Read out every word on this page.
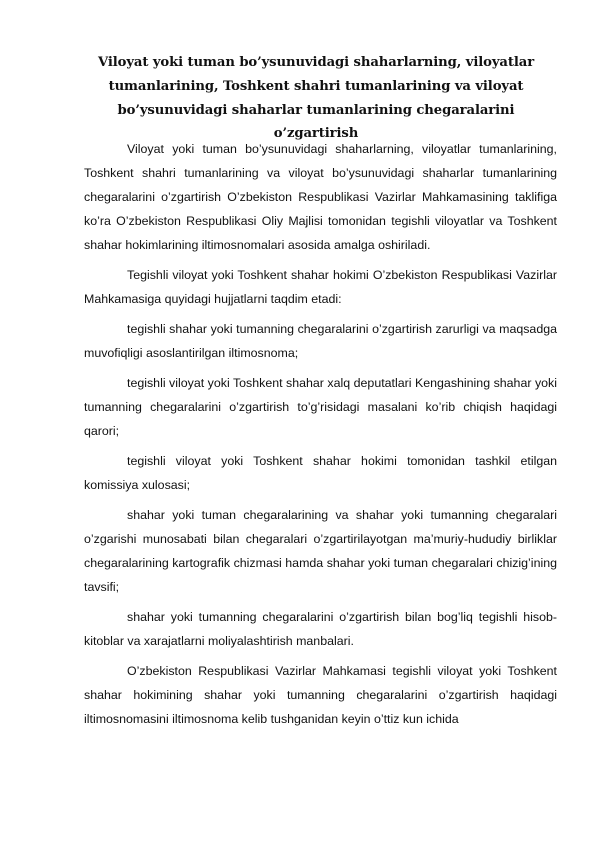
Viloyat yoki tuman bo’ysunuvidagi shaharlarning, viloyatlar tumanlarining, Toshkent shahri tumanlarining va viloyat bo’ysunuvidagi shaharlar tumanlarining chegaralarini o’zgartirish

Viloyat yoki tuman bo’ysunuvidagi shaharlarning, viloyatlar tumanlarining, Toshkent shahri tumanlarining va viloyat bo’ysunuvidagi shaharlar tumanlarining chegaralarini o’zgartirish O’zbekiston Respublikasi Vazirlar Mahkamasining taklifiga ko’ra O’zbekiston Respublikasi Oliy Majlisi tomonidan tegishli viloyatlar va Toshkent shahar hokimlarining iltimosnomalari asosida amalga oshiriladi.

Tegishli viloyat yoki Toshkent shahar hokimi O’zbekiston Respublikasi Vazirlar Mahkamasiga quyidagi hujjatlarni taqdim etadi:

tegishli shahar yoki tumanning chegaralarini o’zgartirish zarurligi va maqsadga muvofiqligi asoslantirilgan iltimosnoma;

tegishli viloyat yoki Toshkent shahar xalq deputatlari Kengashining shahar yoki tumanning chegaralarini o’zgartirish to’g’risidagi masalani ko’rib chiqish haqidagi qarori;

tegishli viloyat yoki Toshkent shahar hokimi tomonidan tashkil etilgan komissiya xulosasi;

shahar yoki tuman chegaralarining va shahar yoki tumanning chegaralari o’zgarishi munosabati bilan chegaralari o’zgartirilayotgan ma’muriy-hududiy birliklar chegaralarining kartografik chizmasi hamda shahar yoki tuman chegaralari chizig’ining tavsifi;

shahar yoki tumanning chegaralarini o’zgartirish bilan bog’liq tegishli hisob-kitoblar va xarajatlarni moliyalashtirish manbalari.

O’zbekiston Respublikasi Vazirlar Mahkamasi tegishli viloyat yoki Toshkent shahar hokimining shahar yoki tumanning chegaralarini o’zgartirish haqidagi iltimosnomasini iltimosnoma kelib tushganidan keyin o’ttiz kun ichida
